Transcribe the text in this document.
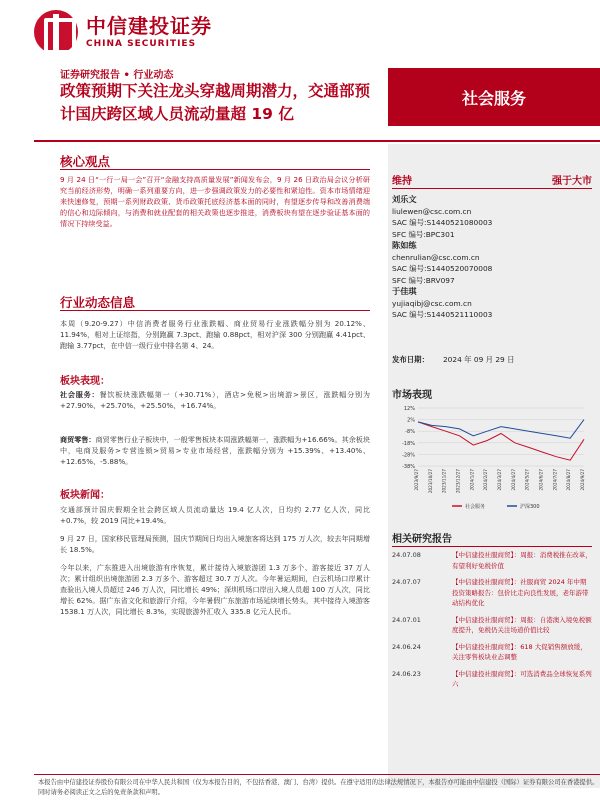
中信建投证券
CHINA SECURITIES
证券研究报告 • 行业动态
政策预期下关注龙头穿越周期潜力，交通部预计国庆跨区域人员流动量超 19 亿
社会服务
核心观点
9 月 24 日“一行一局一会”召开“金融支持高质量发展”新闻发布会，9 月 26 日政治局会议分析研究当前经济形势，明确一系列重要方向，进一步强调政策发力的必要性和紧迫性。资本市场情绪迎来快速修复，预期一系列财政政策、货币政策托底经济基本面的同时，有望逐步传导和改善消费端的信心和边际倾向，与消费和就业配套的相关政策也逐步推进，消费板块有望在逐步验证基本面的情况下持续受益。
行业动态信息
本周（9.20-9.27）中信消费者服务行业涨跌幅、商业贸易行业涨跌幅分别为 20.12%、11.94%，相对上证综指，分别跑赢 7.3pct、跑输 0.88pct，相对沪深 300 分别跑赢 4.41pct、跑输 3.77pct，在中信一级行业中排名第 4、24。
板块表现：
社会服务：餐饮板块涨跌幅第一（+30.71%），酒店>免税>出境游>景区，涨跌幅分别为 +27.90%、+25.70%、+25.50%、+16.74%。
商贸零售：商贸零售行业子板块中，一般零售板块本周涨跌幅第一，涨跌幅为+16.66%。其余板块中，电商及服务>专营连锁>贸易>专业市场经营，涨跌幅分别为 +15.39%、+13.40%、+12.65%、-5.88%。
板块新闻：
交通部预计国庆假期全社会跨区域人员流动量达 19.4 亿人次，日均约 2.77 亿人次，同比+0.7%，较 2019 同比+19.4%。
9 月 27 日，国家移民管理局预测，国庆节期间日均出入境旅客将达到 175 万人次，较去年同期增长 18.5%。
今年以来，广东推进入出境旅游有序恢复，累计接待入境旅游团 1.3 万多个、游客接近 37 万人次；累计组织出境旅游团 2.3 万多个、游客超过 30.7 万人次。今年暑运期间，白云机场口岸累计查验出入境人员超过 246 万人次，同比增长 49%；深圳机场口岸出入境人员超 100 万人次，同比增长 62%。据广东省文化和旅游厅介绍，今年暑假广东旅游市场延续增长势头，其中接待入境游客 1538.1 万人次，同比增长 8.3%，实现旅游外汇收入 335.8 亿元人民币。
维持	强于大市
刘乐文
liulewen@csc.com.cn
SAC 编号:S1440521080003
SFC 编号:BPC301
陈如练
chenrulian@csc.com.cn
SAC 编号:S1440520070008
SFC 编号:BRV097
于佳琪
yujiaqibj@csc.com.cn
SAC 编号:S1440521110003
发布日期： 2024 年 09 月 29 日
市场表现
12%
2%
-8%
-18%
-28%
-38%
2023/9/27 2023/10/27 2023/11/27 2023/12/27 2024/1/27 2024/2/27 2024/3/27 2024/4/27 2024/5/27 2024/6/27 2024/7/27 2024/8/27 2024/9/27
社会服务	沪深300
相关研究报告
24.07.08	【中信建投社服商贸】：周报：消费税推在改革，有望利好免税价值
24.07.07	【中信建投社服商贸】：社服商贸 2024 年中期投资策略报告：包价比走向良性发展，老年游带动结构优化
24.07.01	【中信建投社服商贸】：周报：自港澳入境免税额度提升，免税仍关注场道价值比较
24.06.24	【中信建投社服商贸】：618 大促销售额放缓，关注零售板块业态调整
24.06.23	【中信建投社服商贸】：可选消费品全球恢复系列六
本报告由中信建投证券股份有限公司在中华人民共和国（仅为本报告目的，不包括香港、澳门、台湾）提供。在遵守适用的法律法规情况下，本报告亦可能由中信建投（国际）证券有限公司在香港提供。同时请务必阅读正文之后的免责条款和声明。
